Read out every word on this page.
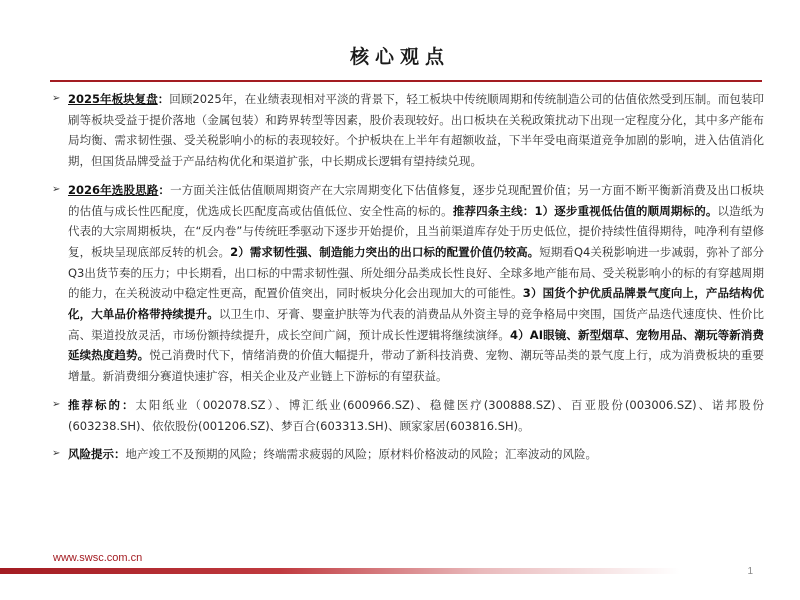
核心观点
➢ 2025年板块复盘：回顾2025年，在业绩表现相对平淡的背景下，轻工板块中传统顺周期和传统制造公司的估值依然受到压制。而包装印刷等板块受益于提价落地（金属包装）和跨界转型等因素，股价表现较好。出口板块在关税政策扰动下出现一定程度分化，其中多产能布局均衡、需求韧性强、受关税影响小的标的表现较好。个护板块在上半年有超额收益，下半年受电商渠道竞争加剧的影响，进入估值消化期，但国货品牌受益于产品结构优化和渠道扩张，中长期成长逻辑有望持续兑现。
➢ 2026年选股思路：一方面关注低估值顺周期资产在大宗周期变化下估值修复，逐步兑现配置价值；另一方面不断平衡新消费及出口板块的估值与成长性匹配度，优选成长匹配度高或估值低位、安全性高的标的。推荐四条主线：1）逐步重视低估值的顺周期标的。以造纸为代表的大宗周期板块，在“反内卷”与传统旺季驱动下逐步开始提价，且当前渠道库存处于历史低位，提价持续性值得期待，吨净利有望修复，板块呈现底部反转的机会。2）需求韧性强、制造能力突出的出口标的配置价值仍较高。短期看Q4关税影响进一步减弱，弥补了部分Q3出货节奏的压力；中长期看，出口标的中需求韧性强、所处细分品类成长性良好、全球多地产能布局、受关税影响小的标的有穿越周期的能力，在关税波动中稳定性更高，配置价值突出，同时板块分化会出现加大的可能性。3）国货个护优质品牌景气度向上，产品结构优化，大单品价格带持续提升。以卫生巾、牙膏、婴童护肤等为代表的消费品从外资主导的竞争格局中突围，国货产品迭代速度快、性价比高、渠道投放灵活，市场份额持续提升，成长空间广阔，预计成长性逻辑将继续演绎。4）AI眼镜、新型烟草、宠物用品、潮玩等新消费延续热度趋势。悦己消费时代下，情绪消费的价值大幅提升，带动了新科技消费、宠物、潮玩等品类的景气度上行，成为消费板块的重要增量。新消费细分赛道快速扩容，相关企业及产业链上下游标的有望获益。
➢ 推荐标的：太阳纸业（002078.SZ）、博汇纸业(600966.SZ)、稳健医疗(300888.SZ)、百亚股份(003006.SZ)、诺邦股份(603238.SH)、依依股份(001206.SZ)、梦百合(603313.SH)、顾家家居(603816.SH)。
➢ 风险提示：地产竣工不及预期的风险；终端需求疲弱的风险；原材料价格波动的风险；汇率波动的风险。
www.swsc.com.cn
1
